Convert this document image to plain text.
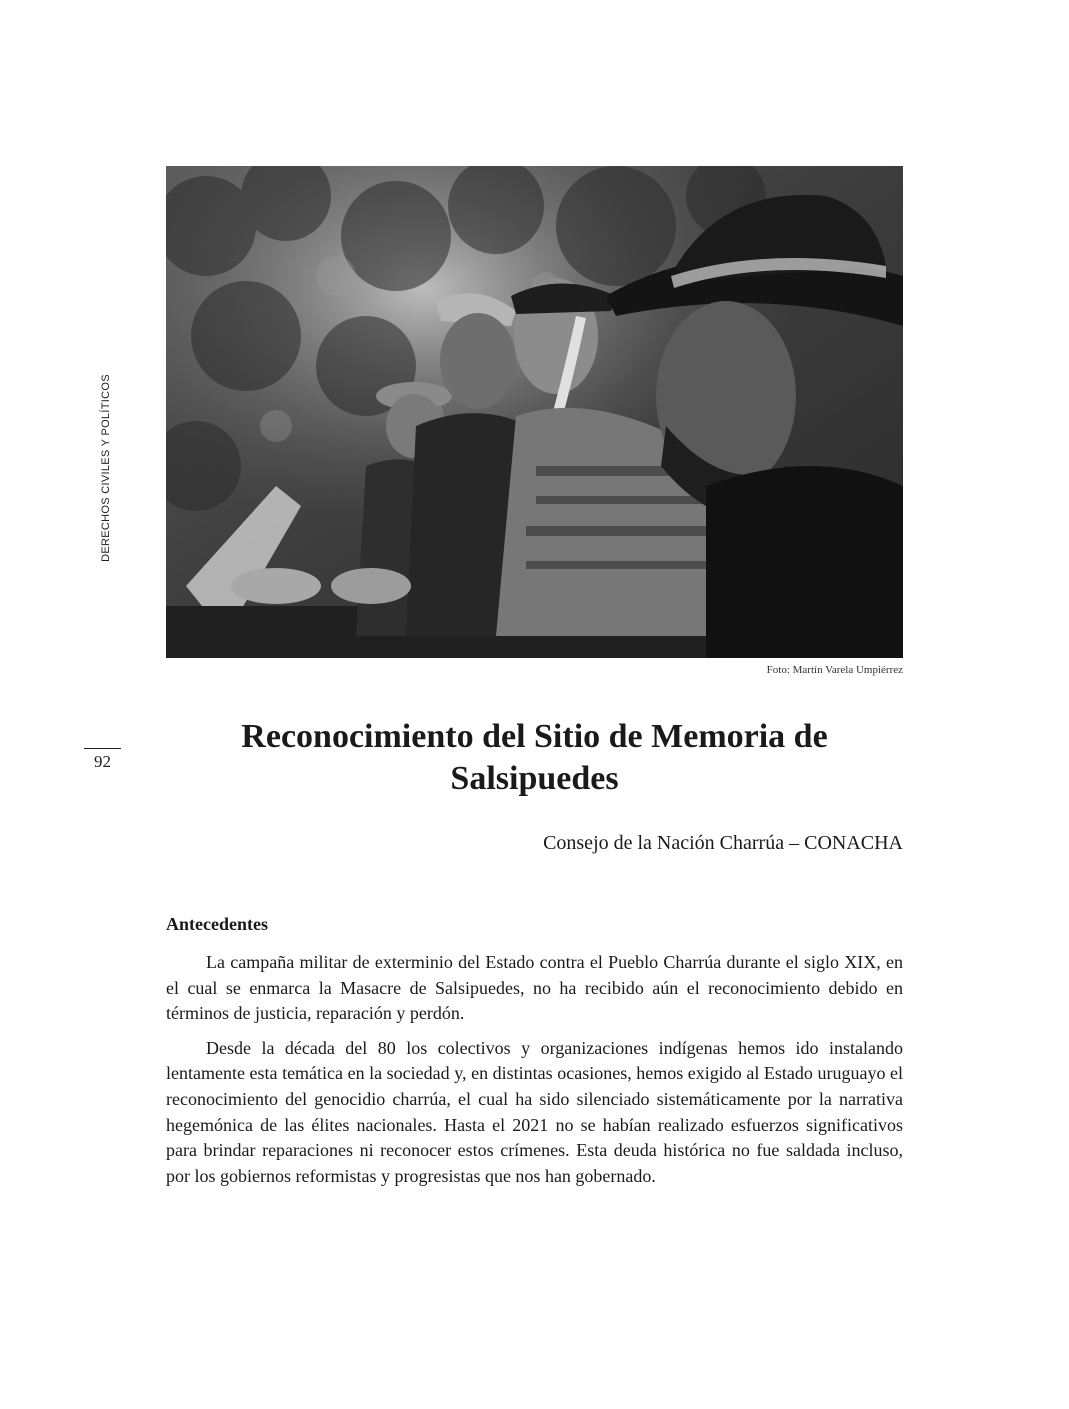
DERECHOS CIVILES Y POLÍTICOS
92
Foto: Martín Varela Umpiérrez
Reconocimiento del Sitio de Memoria de Salsipuedes
Consejo de la Nación Charrúa – CONACHA
Antecedentes

La campaña militar de exterminio del Estado contra el Pueblo Charrúa durante el siglo XIX, en el cual se enmarca la Masacre de Salsipuedes, no ha recibido aún el reconocimiento debido en términos de justicia, reparación y perdón.

Desde la década del 80 los colectivos y organizaciones indígenas hemos ido instalando lentamente esta temática en la sociedad y, en distintas ocasiones, hemos exigido al Estado uruguayo el reconocimiento del genocidio charrúa, el cual ha sido silenciado sistemáticamente por la narrativa hegemónica de las élites nacionales. Hasta el 2021 no se habían realizado esfuerzos significativos para brindar reparaciones ni reconocer estos crímenes. Esta deuda histórica no fue saldada incluso, por los gobiernos reformistas y progresistas que nos han gobernado.
